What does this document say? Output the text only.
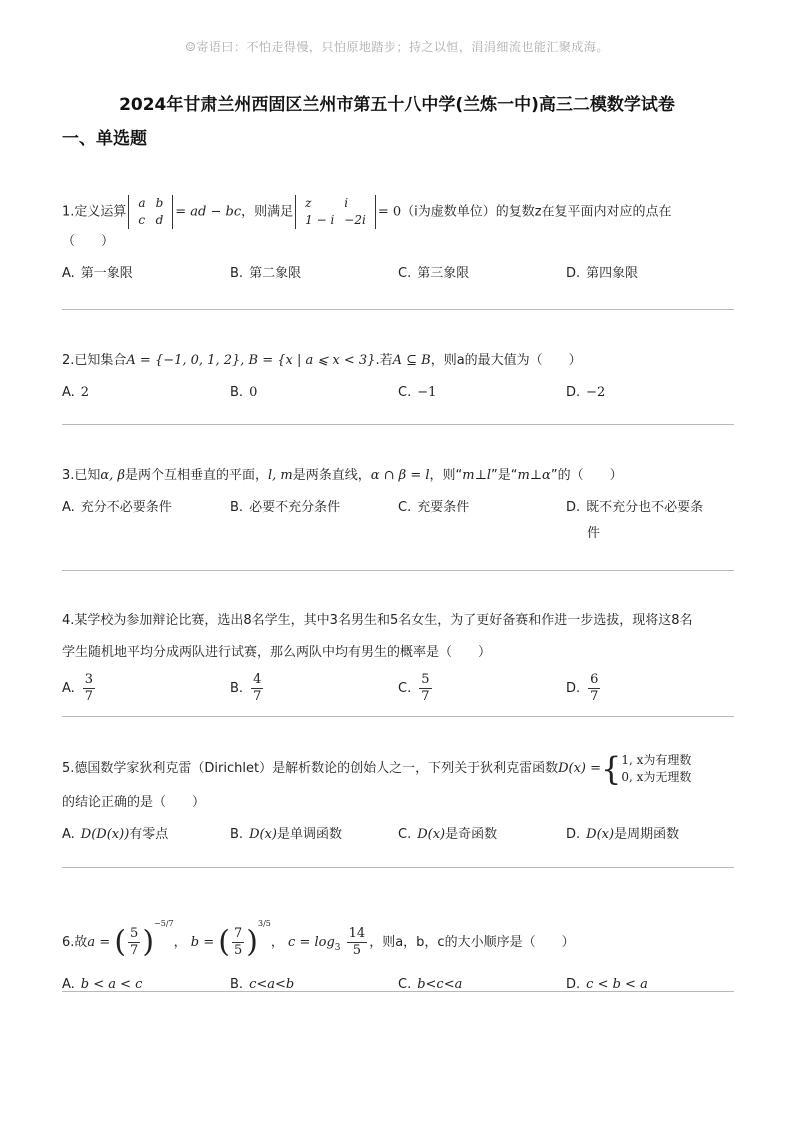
☺寄语曰：不怕走得慢，只怕原地踏步；持之以恒，涓涓细流也能汇聚成海。
2024年甘肃兰州西固区兰州市第五十八中学(兰炼一中)高三二模数学试卷
一、单选题
1.定义运算
a	b
c	d
= ad − bc，则满足
z	i
1 − i	−2i
= 0（i为虚数单位）的复数z在复平面内对应的点在
（　　）
A. 第一象限	B. 第二象限	C. 第三象限	D. 第四象限
2.已知集合A = {−1, 0, 1, 2}, B = {x | a ⩽ x < 3}.若A ⊆ B，则a的最大值为（　　）
A. 2	B. 0	C. −1	D. −2
3.已知α, β是两个互相垂直的平面，l, m是两条直线，α ∩ β = l，则“m⊥l”是“m⊥α”的（　　）
A. 充分不必要条件	B. 必要不充分条件	C. 充要条件	D. 既不充分也不必要条
件
4.某学校为参加辩论比赛，选出8名学生，其中3名男生和5名女生，为了更好备赛和作进一步选拔，现将这8名
学生随机地平均分成两队进行试赛，那么两队中均有男生的概率是（　　）
A. $\frac{3}{7}$	B. $\frac{4}{7}$	C. $\frac{5}{7}$	D. $\frac{6}{7}$
5.德国数学家狄利克雷（Dirichlet）是解析数论的创始人之一，下列关于狄利克雷函数D(x) ={ 1, x为有理数
0, x为无理数
的结论正确的是（　　）
A. D(D(x))有零点	B. D(x)是单调函数	C. D(x)是奇函数	D. D(x)是周期函数
6.故a = ( $\frac{5}{7} )^{-5/7}$， b = ( $\frac{7}{5} )^{3/5}$， $c = \log_3 \frac{14}{5}$ ，则a，b，c的大小顺序是（　　）
A. b < a < c	B. c<a<b	C. b<c<a	D. c < b < a
